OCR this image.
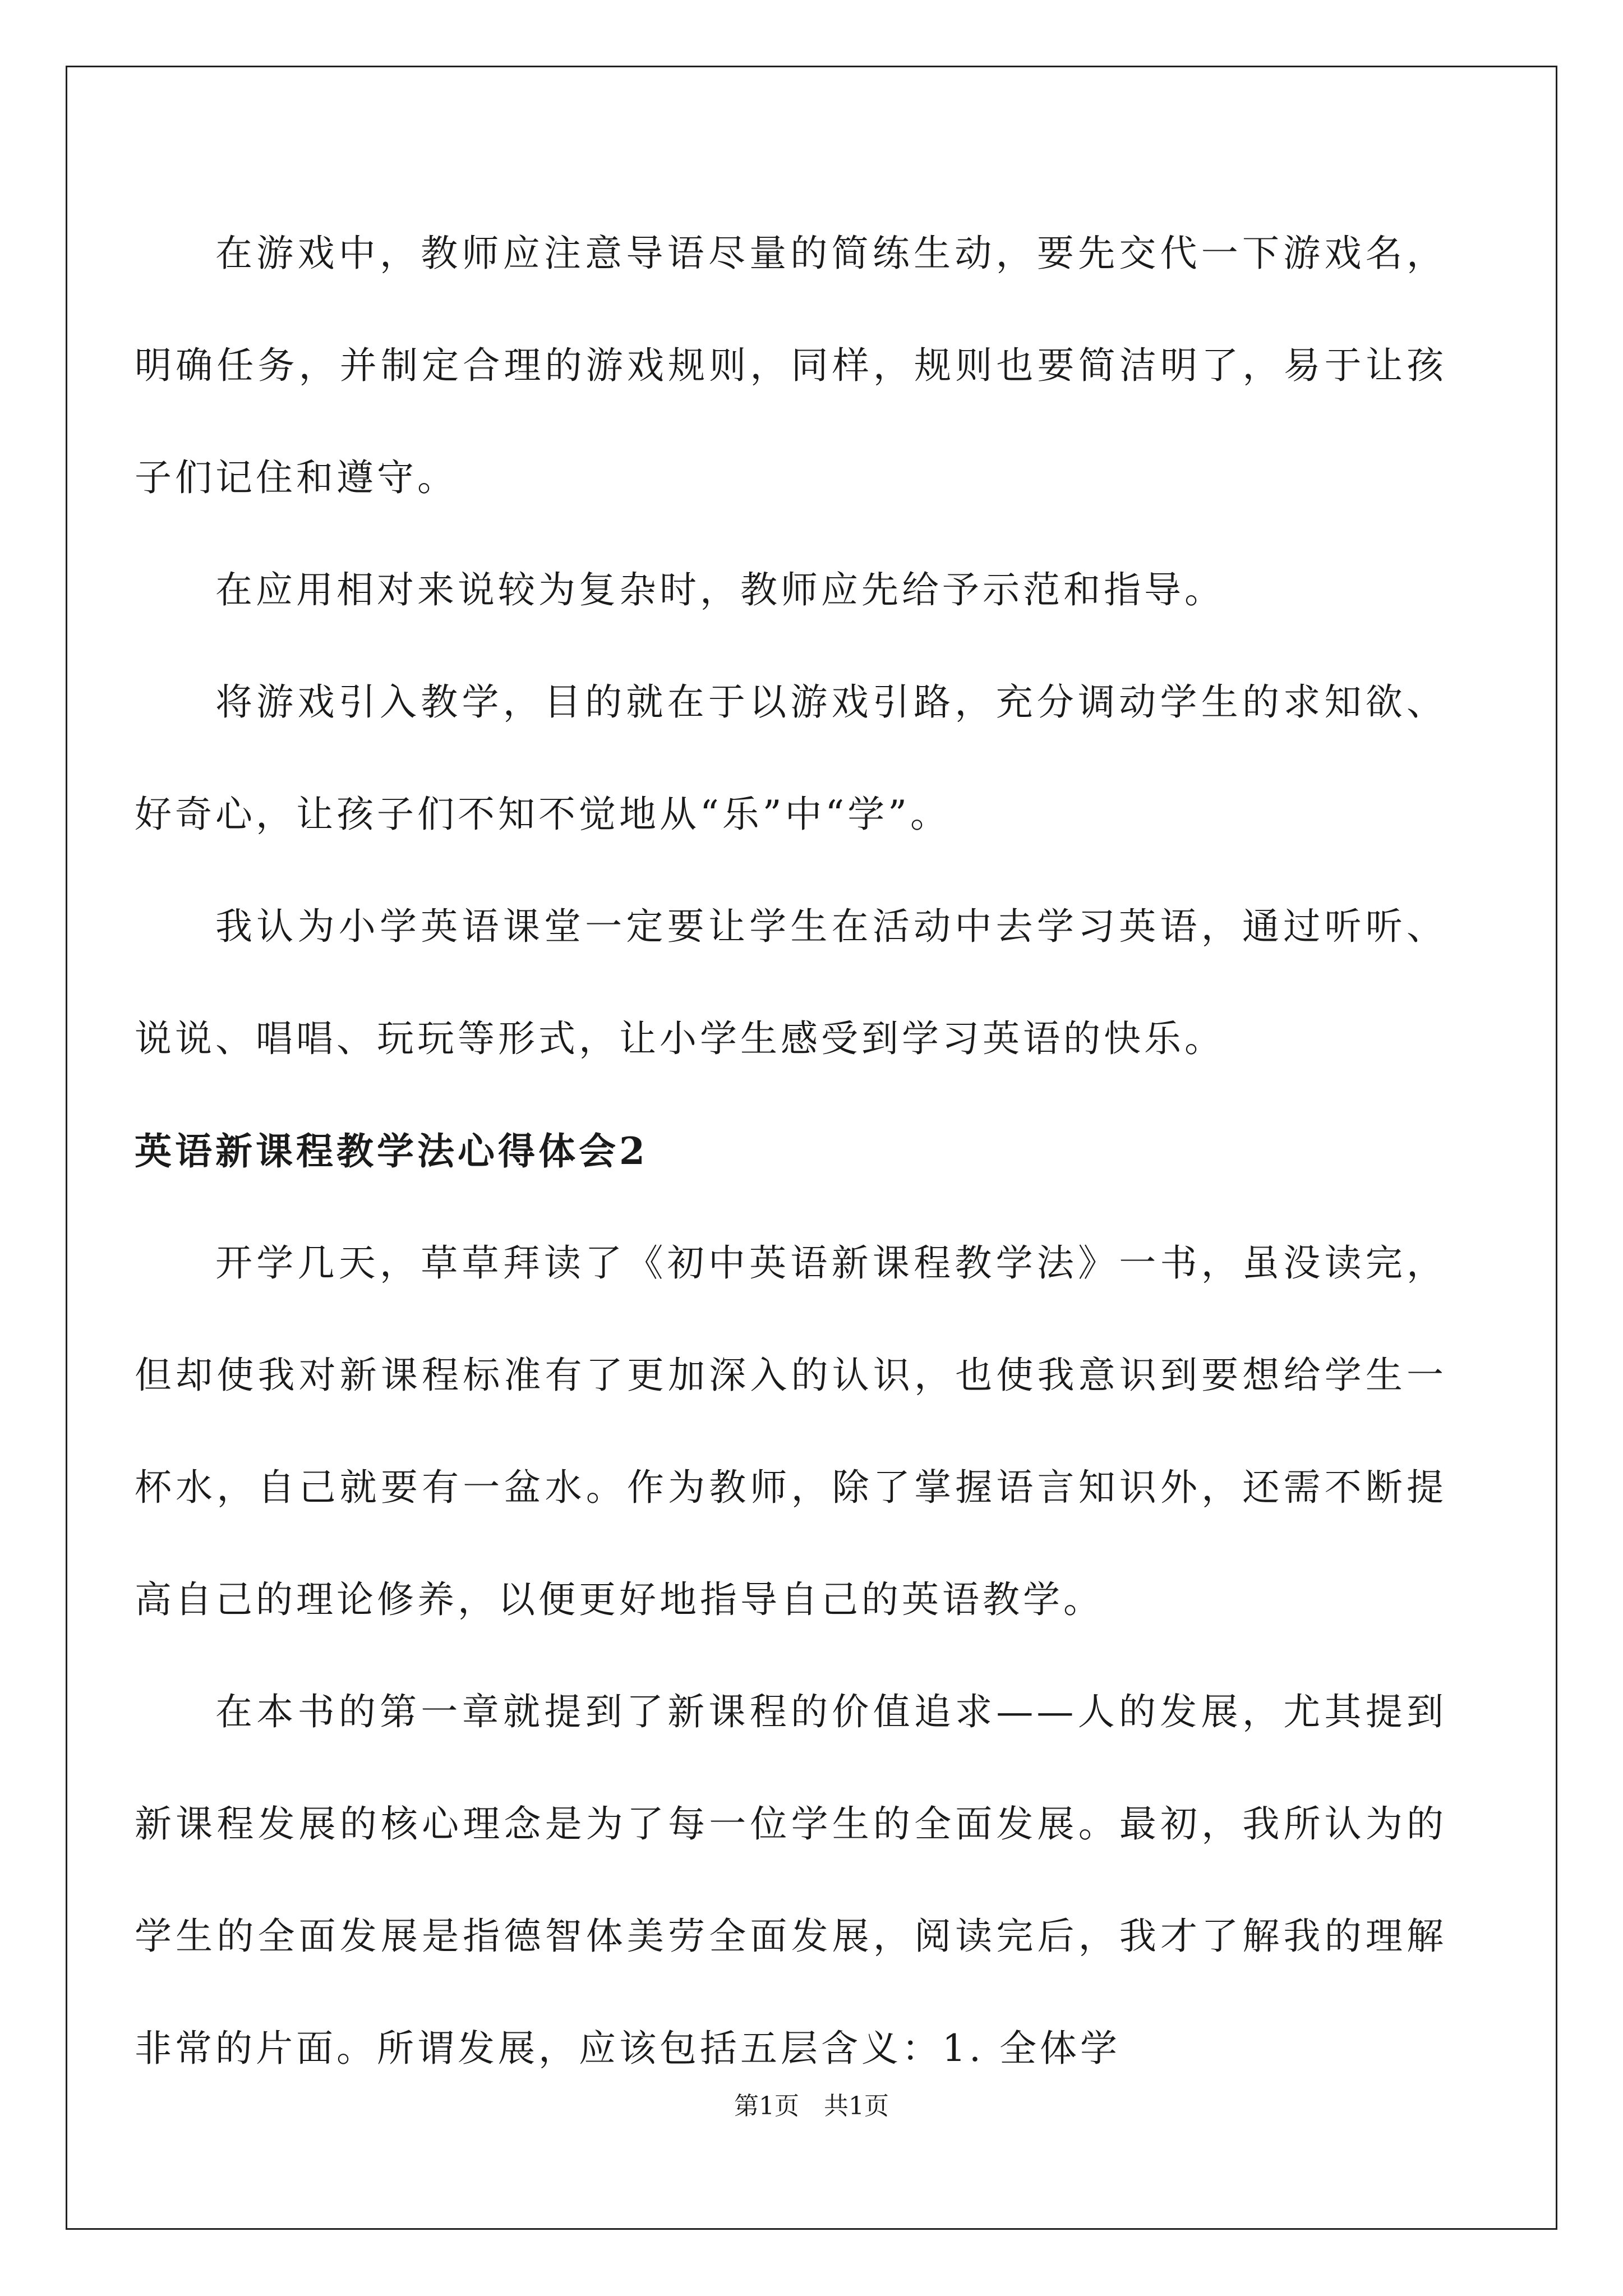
在游戏中，教师应注意导语尽量的简练生动，要先交代一下游戏名，明确任务，并制定合理的游戏规则，同样，规则也要简洁明了，易于让孩子们记住和遵守。

在应用相对来说较为复杂时，教师应先给予示范和指导。

将游戏引入教学，目的就在于以游戏引路，充分调动学生的求知欲、好奇心，让孩子们不知不觉地从“乐”中“学”。

我认为小学英语课堂一定要让学生在活动中去学习英语，通过听听、说说、唱唱、玩玩等形式，让小学生感受到学习英语的快乐。

英语新课程教学法心得体会2

开学几天，草草拜读了《初中英语新课程教学法》一书，虽没读完，但却使我对新课程标准有了更加深入的认识，也使我意识到要想给学生一杯水，自己就要有一盆水。作为教师，除了掌握语言知识外，还需不断提高自己的理论修养，以便更好地指导自己的英语教学。

在本书的第一章就提到了新课程的价值追求——人的发展，尤其提到新课程发展的核心理念是为了每一位学生的全面发展。最初，我所认为的学生的全面发展是指德智体美劳全面发展，阅读完后，我才了解我的理解非常的片面。所谓发展，应该包括五层含义：1. 全体学

第1页　共1页
